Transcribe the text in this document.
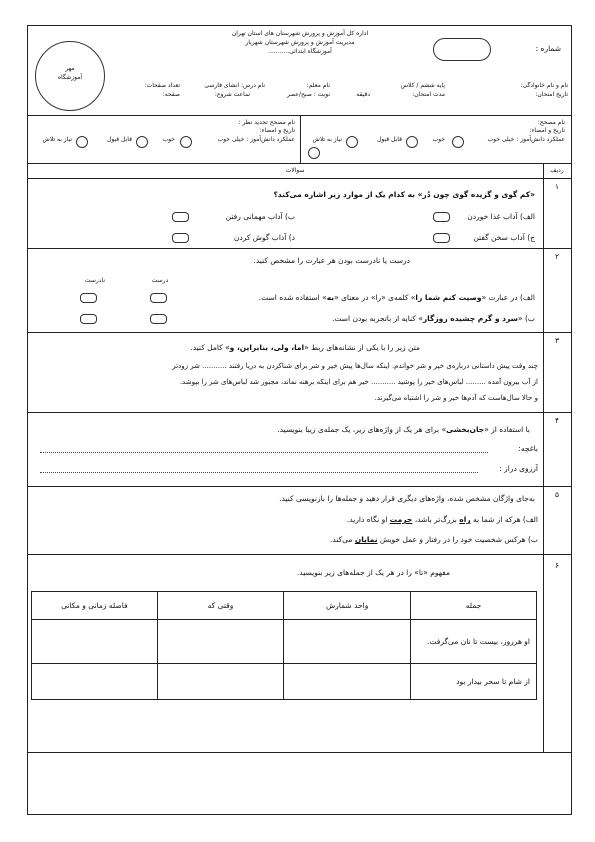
اداره کل آموزش و پرورش شهرستان های استان تهران
مدیریت آموزش و پرورش شهرستان شهریار
آموزشگاه ابتدائی...........	شماره :
مهر
آموزشگاه
نام و نام خانوادگی:
تاریخ امتحان:
پایه ششم / کلاس
مدت امتحان:
دقیقه
نام معلم:
نوبت : صبح/عصر
نام درس: انشای فارسی
ساعت شروع:
تعداد صفحات:
صفحه:
نام مصحح:
تاریخ و امضاء:
عملکرد دانش‌آموز : خیلی خوب
خوب
قابل قبول
نیاز به تلاش
نام مصحح تجدید نظر :
تاریخ و امضاء:
عملکرد دانش‌آموز : خیلی خوب
خوب
قابل قبول
نیاز به تلاش
ردیف
سوالات
۱
«کم گوی و گزیده گوی چون دُر» به کدام یک از موارد زیر اشاره می‌کند؟
الف) آداب غذا خوردن
ب) آداب مهمانی رفتن
ج) آداب سخن گفتن
د) آداب گوش کردن
۲
درست یا نادرست بودن هر عبارت را مشخص کنید.
درست
نادرست
الف) در عبارت «وصیت کنم شما را» کلمه‌ی «را» در معنای «به» استفاده شده است.
ب) «سرد و گرم چشیده روزگار» کنایه از باتجربه بودن است.
۳
متن زیر را با یکی از نشانه‌های ربط «اما، ولی، بنابراین، و» کامل کنید.
چند وقت پیش داستانی درباره‌ی خیر و شر خواندم. اینکه سال‌ها پیش خیر و شر برای شناکردن به دریا رفتند ........... شر زودتر
از آب بیرون آمده ......... لباس‌های خیر را پوشید ........... خیر هم برای اینکه برهنه نماند، مجبور شد لباس‌های شر را بپوشد.
و حالا سال‌هاست که آدم‌ها خیر و شر را اشتباه می‌گیرند.
۴
با استفاده از «جان‌بخشی» برای هر یک از واژه‌های زیر، یک جمله‌ی زیبا بنویسید.
باغچه:
آرزوی دراز :
۵
به‌جای واژگان مشخص شده، واژه‌های دیگری قرار دهید و جمله‌ها را بازنویسی کنید.
الف) هرکه از شما به راه بزرگ‌تر باشد، حرمت او نگاه دارید.
ب) هرکس شخصیت خود را در رفتار و عمل خویش نمایان می‌کند.
۶
مفهوم «تا» را در هر یک از جمله‌های زیر بنویسید.
فاصله زمانی و مکانی	وقتی که	واحد شمارش	جمله
			او هرروز، بیست تا نان می‌گرفت.
			از شام تا سحر بیدار بود
